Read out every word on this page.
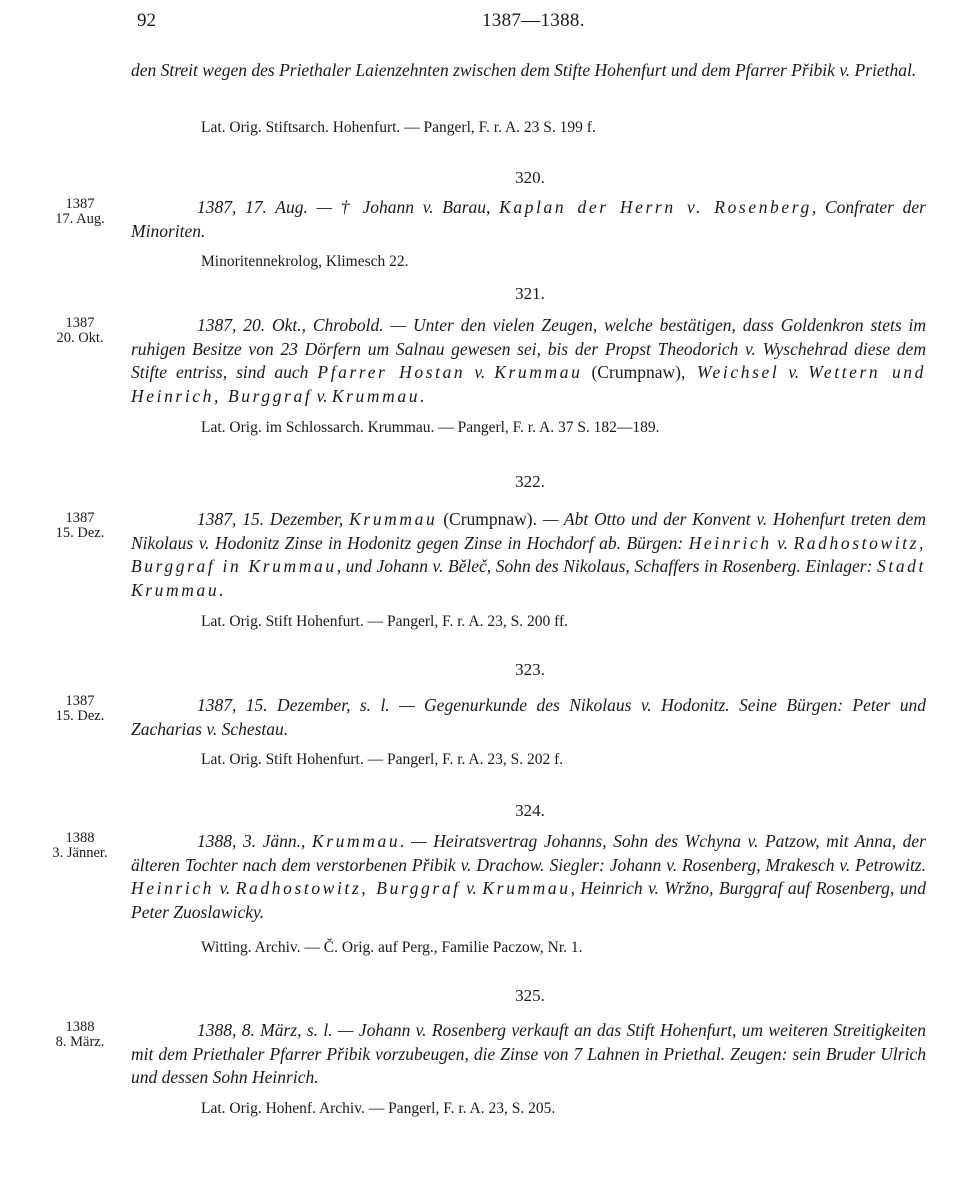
92	1387—1388.
den Streit wegen des Priethaler Laienzehnten zwischen dem Stifte Hohenfurt und dem Pfarrer Přibik v. Priethal.
Lat. Orig. Stiftsarch. Hohenfurt. — Pangerl, F. r. A. 23 S. 199 f.
320.
1387
17. Aug.
1387, 17. Aug. — † Johann v. Barau, Kaplan der Herrn v. Rosenberg, Confrater der Minoriten.
Minoritennekrolog, Klimesch 22.
321.
1387
20. Okt.
1387, 20. Okt., Chrobold. — Unter den vielen Zeugen, welche bestätigen, dass Goldenkron stets im ruhigen Besitze von 23 Dörfern um Salnau gewesen sei, bis der Propst Theodorich v. Wyschehrad diese dem Stifte entriss, sind auch Pfarrer Hostan v. Krummau (Crumpnaw), Weichsel v. Wettern und Heinrich, Burggraf v. Krummau.
Lat. Orig. im Schlossarch. Krummau. — Pangerl, F. r. A. 37 S. 182—189.
322.
1387
15. Dez.
1387, 15. Dezember, Krummau (Crumpnaw). — Abt Otto und der Konvent v. Hohenfurt treten dem Nikolaus v. Hodonitz Zinse in Hodonitz gegen Zinse in Hochdorf ab. Bürgen: Heinrich v. Radhostowitz, Burggraf in Krummau, und Johann v. Běleč, Sohn des Nikolaus, Schaffers in Rosenberg. Einlager: Stadt Krummau.
Lat. Orig. Stift Hohenfurt. — Pangerl, F. r. A. 23, S. 200 ff.
323.
1387
15. Dez.
1387, 15. Dezember, s. l. — Gegenurkunde des Nikolaus v. Hodonitz. Seine Bürgen: Peter und Zacharias v. Schestau.
Lat. Orig. Stift Hohenfurt. — Pangerl, F. r. A. 23, S. 202 f.
324.
1388
3. Jänner.
1388, 3. Jänn., Krummau. — Heiratsvertrag Johanns, Sohn des Wchyna v. Patzow, mit Anna, der älteren Tochter nach dem verstorbenen Přibik v. Drachow. Siegler: Johann v. Rosenberg, Mrakesch v. Petrowitz. Heinrich v. Radhostowitz, Burggraf v. Krummau, Heinrich v. Wržno, Burggraf auf Rosenberg, und Peter Zuoslawicky.
Witting. Archiv. — Č. Orig. auf Perg., Familie Paczow, Nr. 1.
325.
1388
8. März.
1388, 8. März, s. l. — Johann v. Rosenberg verkauft an das Stift Hohenfurt, um weiteren Streitigkeiten mit dem Priethaler Pfarrer Přibik vorzubeugen, die Zinse von 7 Lahnen in Priethal. Zeugen: sein Bruder Ulrich und dessen Sohn Heinrich.
Lat. Orig. Hohenf. Archiv. — Pangerl, F. r. A. 23, S. 205.
